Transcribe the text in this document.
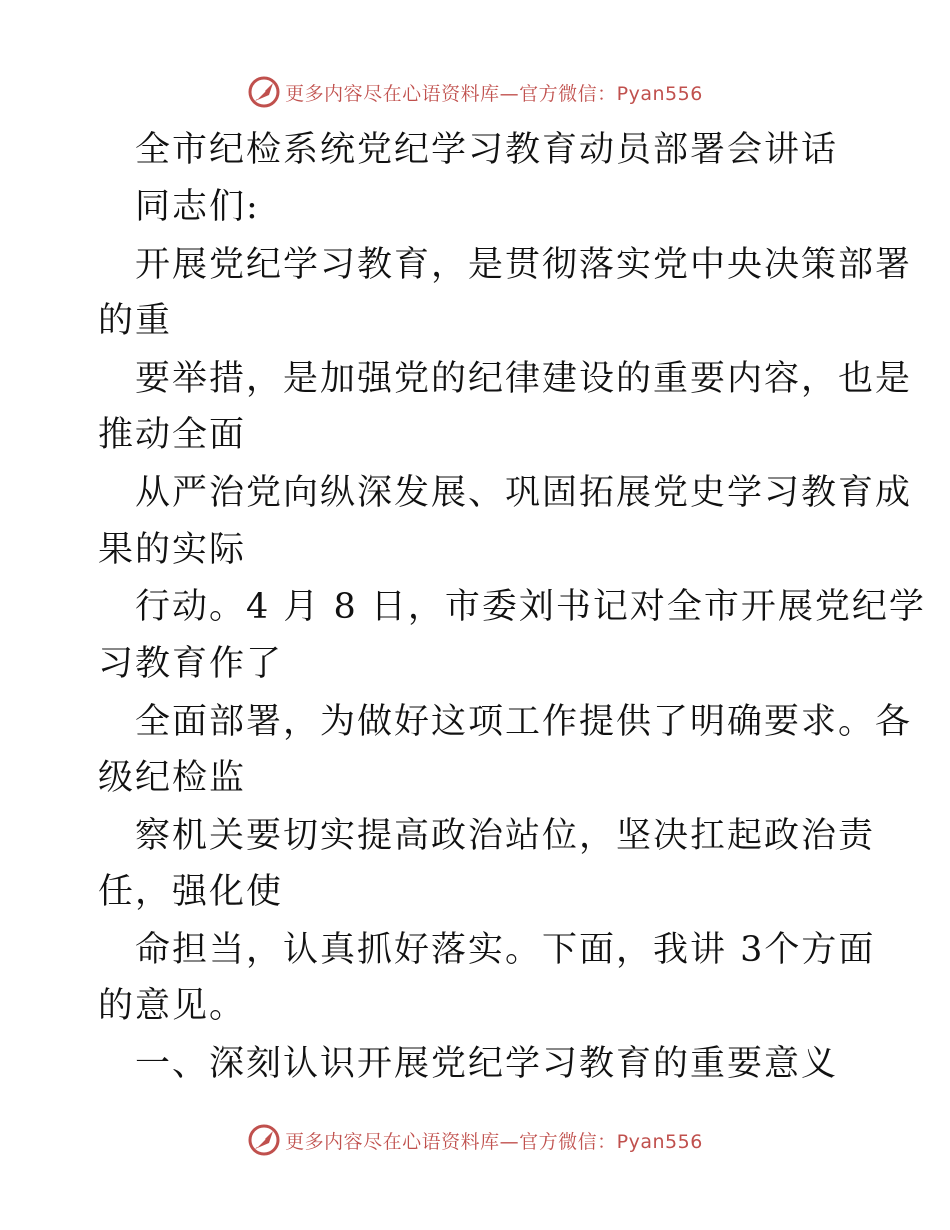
更多内容尽在心语资料库—官方微信：Pyan556
全市纪检系统党纪学习教育动员部署会讲话
同志们:
开展党纪学习教育，是贯彻落实党中央决策部署
的重
要举措，是加强党的纪律建设的重要内容，也是
推动全面
从严治党向纵深发展、巩固拓展党史学习教育成
果的实际
行动。4 月 8 日，市委刘书记对全市开展党纪学
习教育作了
全面部署，为做好这项工作提供了明确要求。各
级纪检监
察机关要切实提高政治站位，坚决扛起政治责
任，强化使
命担当，认真抓好落实。下面，我讲 3个方面
的意见。
一、深刻认识开展党纪学习教育的重要意义
更多内容尽在心语资料库—官方微信：Pyan556
